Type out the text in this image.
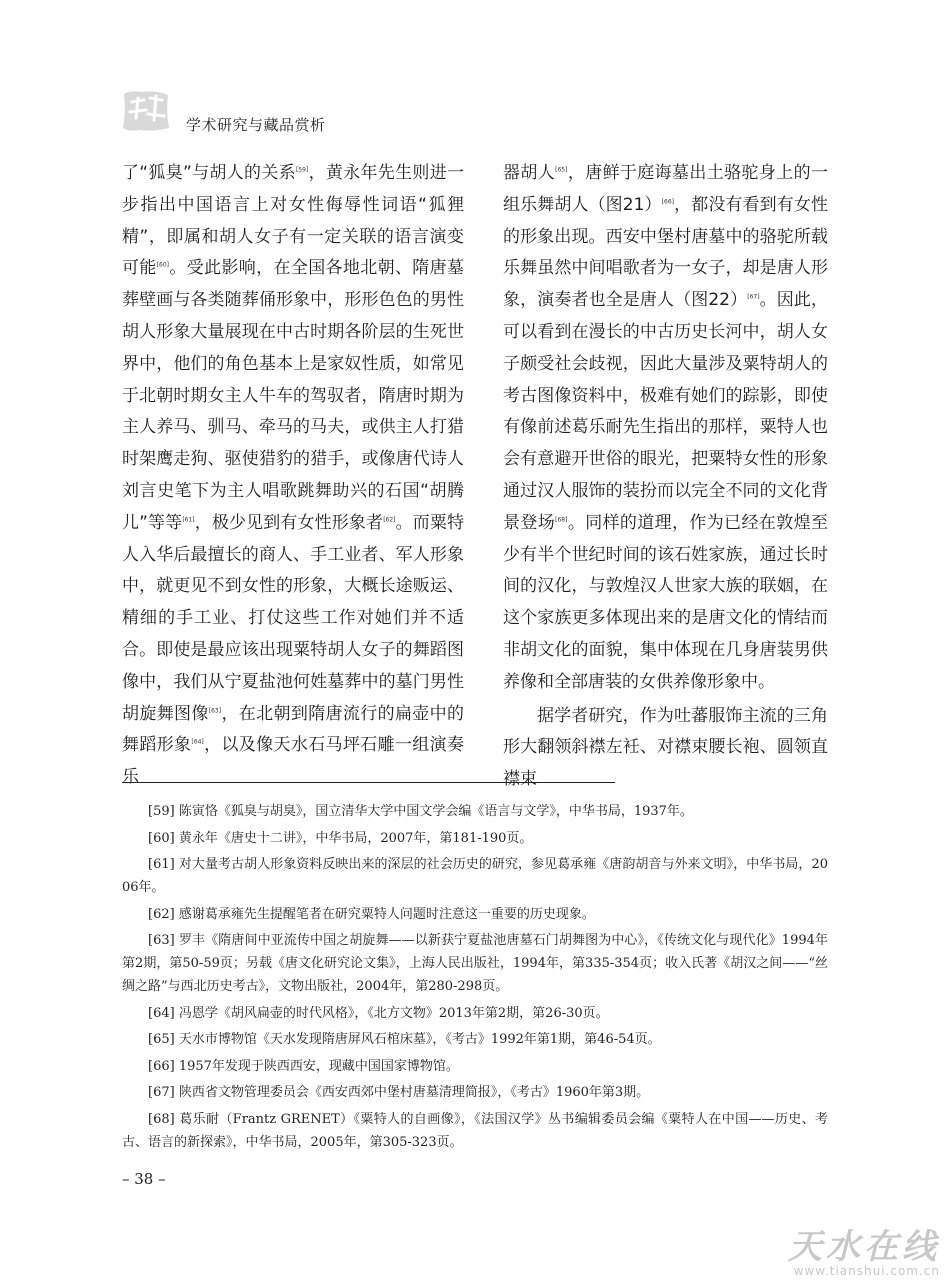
学术研究与藏品赏析

了“狐臭”与胡人的关系[59]，黄永年先生则进一步指出中国语言上对女性侮辱性词语“狐狸精”，即属和胡人女子有一定关联的语言演变可能[60]。受此影响，在全国各地北朝、隋唐墓葬壁画与各类随葬俑形象中，形形色色的男性胡人形象大量展现在中古时期各阶层的生死世界中，他们的角色基本上是家奴性质，如常见于北朝时期女主人牛车的驾驭者，隋唐时期为主人养马、驯马、牵马的马夫，或供主人打猎时架鹰走狗、驱使猎豹的猎手，或像唐代诗人刘言史笔下为主人唱歌跳舞助兴的石国“胡腾儿”等等[61]，极少见到有女性形象者[62]。而粟特人入华后最擅长的商人、手工业者、军人形象中，就更见不到女性的形象，大概长途贩运、精细的手工业、打仗这些工作对她们并不适合。即使是最应该出现粟特胡人女子的舞蹈图像中，我们从宁夏盐池何姓墓葬中的墓门男性胡旋舞图像[63]，在北朝到隋唐流行的扁壶中的舞蹈形象[64]，以及像天水石马坪石雕一组演奏乐

器胡人[65]，唐鲜于庭诲墓出土骆驼身上的一组乐舞胡人（图21）[66]，都没有看到有女性的形象出现。西安中堡村唐墓中的骆驼所载乐舞虽然中间唱歌者为一女子，却是唐人形象，演奏者也全是唐人（图22）[67]。因此，可以看到在漫长的中古历史长河中，胡人女子颇受社会歧视，因此大量涉及粟特胡人的考古图像资料中，极难有她们的踪影，即使有像前述葛乐耐先生指出的那样，粟特人也会有意避开世俗的眼光，把粟特女性的形象通过汉人服饰的装扮而以完全不同的文化背景登场[68]。同样的道理，作为已经在敦煌至少有半个世纪时间的该石姓家族，通过长时间的汉化，与敦煌汉人世家大族的联姻，在这个家族更多体现出来的是唐文化的情结而非胡文化的面貌，集中体现在几身唐装男供养像和全部唐装的女供养像形象中。

据学者研究，作为吐蕃服饰主流的三角形大翻领斜襟左衽、对襟束腰长袍、圆领直襟束

[59] 陈寅恪《狐臭与胡臭》，国立清华大学中国文学会编《语言与文学》，中华书局，1937年。

[60] 黄永年《唐史十二讲》，中华书局，2007年，第181-190页。

[61] 对大量考古胡人形象资料反映出来的深层的社会历史的研究，参见葛承雍《唐韵胡音与外来文明》，中华书局，2006年。

[62] 感谢葛承雍先生提醒笔者在研究粟特人问题时注意这一重要的历史现象。

[63] 罗丰《隋唐间中亚流传中国之胡旋舞——以新获宁夏盐池唐墓石门胡舞图为中心》，《传统文化与现代化》1994年第2期，第50-59页；另载《唐文化研究论文集》，上海人民出版社，1994年，第335-354页；收入氏著《胡汉之间——“丝绸之路”与西北历史考古》，文物出版社，2004年，第280-298页。

[64] 冯恩学《胡风扁壶的时代风格》，《北方文物》2013年第2期，第26-30页。

[65] 天水市博物馆《天水发现隋唐屏风石棺床墓》，《考古》1992年第1期，第46-54页。

[66] 1957年发现于陕西西安，现藏中国国家博物馆。

[67] 陕西省文物管理委员会《西安西郊中堡村唐墓清理简报》，《考古》1960年第3期。

[68] 葛乐耐（Frantz GRENET）《粟特人的自画像》，《法国汉学》丛书编辑委员会编《粟特人在中国——历史、考古、语言的新探索》，中华书局，2005年，第305-323页。

– 38 –
天水在线
www.tianshui.com.cn
